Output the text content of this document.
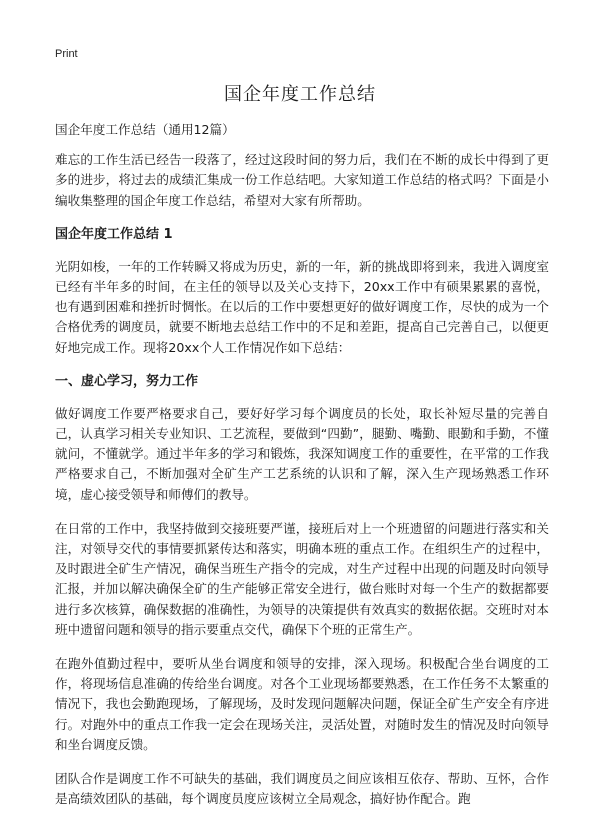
Print
国企年度工作总结

国企年度工作总结（通用12篇）

难忘的工作生活已经告一段落了，经过这段时间的努力后，我们在不断的成长中得到了更多的进步，将过去的成绩汇集成一份工作总结吧。大家知道工作总结的格式吗？下面是小编收集整理的国企年度工作总结，希望对大家有所帮助。

国企年度工作总结 1

光阴如梭，一年的工作转瞬又将成为历史，新的一年，新的挑战即将到来，我进入调度室已经有半年多的时间，在主任的领导以及关心支持下，20xx工作中有硕果累累的喜悦，也有遇到困难和挫折时惆怅。在以后的工作中要想更好的做好调度工作，尽快的成为一个合格优秀的调度员，就要不断地去总结工作中的不足和差距，提高自己完善自己，以便更好地完成工作。现将20xx个人工作情况作如下总结：

一、虚心学习，努力工作

做好调度工作要严格要求自己，要好好学习每个调度员的长处，取长补短尽量的完善自己，认真学习相关专业知识、工艺流程，要做到“四勤”，腿勤、嘴勤、眼勤和手勤，不懂就问，不懂就学。通过半年多的学习和锻炼，我深知调度工作的重要性，在平常的工作我严格要求自己，不断加强对全矿生产工艺系统的认识和了解，深入生产现场熟悉工作环境，虚心接受领导和师傅们的教导。

在日常的工作中，我坚持做到交接班要严谨，接班后对上一个班遗留的问题进行落实和关注，对领导交代的事情要抓紧传达和落实，明确本班的重点工作。在组织生产的过程中，及时跟进全矿生产情况，确保当班生产指令的完成，对生产过程中出现的问题及时向领导汇报，并加以解决确保全矿的生产能够正常安全进行，做台账时对每一个生产的数据都要进行多次核算，确保数据的准确性，为领导的决策提供有效真实的数据依据。交班时对本班中遗留问题和领导的指示要重点交代，确保下个班的正常生产。

在跑外值勤过程中，要听从坐台调度和领导的安排，深入现场。积极配合坐台调度的工作，将现场信息准确的传给坐台调度。对各个工业现场都要熟悉，在工作任务不太繁重的情况下，我也会勤跑现场，了解现场，及时发现问题解决问题，保证全矿生产安全有序进行。对跑外中的重点工作我一定会在现场关注，灵活处置，对随时发生的情况及时向领导和坐台调度反馈。

团队合作是调度工作不可缺失的基础，我们调度员之间应该相互依存、帮助、互怀，合作是高绩效团队的基础，每个调度员度应该树立全局观念，搞好协作配合。跑
